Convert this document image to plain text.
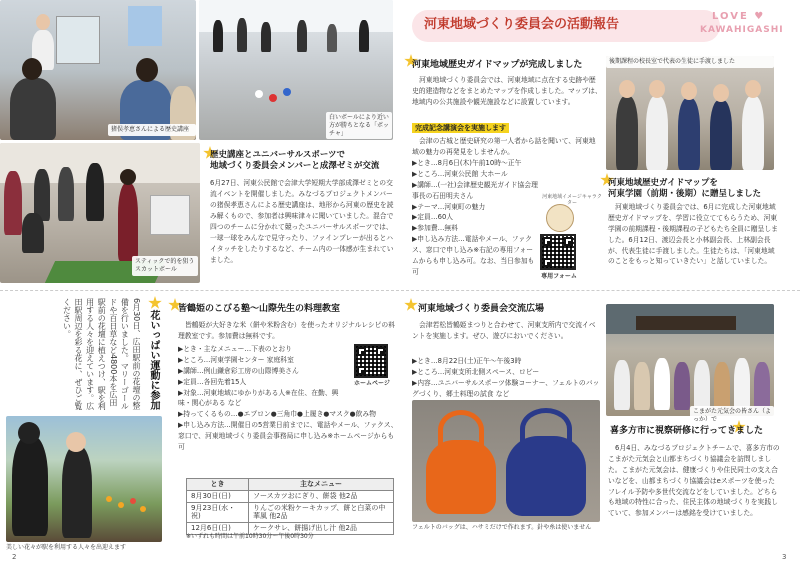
猪俣孝恵さんによる歴史講座
白いボールにより近い方が勝ちとなる「ボッチャ」
スティックで的を狙うスカットボール
歴史講座とユニバーサルスポーツで
地域づくり委員会メンバーと成澤ゼミが交流
6月27日、河東公民館で会津大学短期大学部成澤ゼミとの交流イベントを開催しました。みなづるプロジェクトメンバーの猪俣孝恵さんによる歴史講座は、地形から河東の歴史を読み解くもので、参加者は興味津々に聞いていました。混合で四つのチームに分かれて競ったユニバーサルスポーツでは、一球一球をみんなで見守ったり、ファインプレーが出るとハイタッチをしたりするなど、チーム内の一体感が生まれていました。
河東地域づくり委員会の活動報告
LOVE ♥
KAWAHIGASHI
河東地域歴史ガイドマップが完成しました
河東地域づくり委員会では、河東地域に点在する史跡や歴史的建造物などをまとめたマップを作成しました。マップは、地域内の公共施設や観光施設などに設置しています。
完成記念講演会を実施します
会津の古城と歴史研究の第一人者から話を聞いて、河東地域の魅力の再発見をしませんか。
▶とき…8月6日(木)午前10時〜正午
▶ところ…河東公民館 大ホール
▶講師…(一社)会津歴史観光ガイド協会理事長の石田明夫さん
▶テーマ…河東町の魅力
▶定員…60人
▶参加費…無料
▶申し込み方法…電話やメール、ファクス、窓口で申し込み※右記の専用フォームからも申し込み可。なお、当日参加も可
河東地域イメージキャラクター
専用フォーム
後期課程の校長室で代表の生徒に手渡しました
河東地域歴史ガイドマップを
河東学園（前期・後期）に贈呈しました
河東地域づくり委員会では、6月に完成した河東地域歴史ガイドマップを、学習に役立ててもらうため、河東学園の前期課程・後期課程の子どもたち全員に贈呈しました。6月12日、渡辺会長と小林副会長、上林副会長が、代表生徒に手渡しました。生徒たちは、「河東地域のことをもっと知っていきたい」と話していました。
花いっぱい運動に参加
6月30日、広田駅前の花壇の整備を行いました。マリーゴールドや百日草など4800本を広田駅前の花壇に植えつけ、駅を利用する人々を迎えています。広田駅周辺を彩る花に、ぜひご覧ください。
美しい花々が駅を利用する人々を出迎えます
皆鶴姫のこびる塾〜山際先生の料理教室
皆鶴姫が大好きな米（餅や米粉含む）を使ったオリジナルレシピの料理教室です。参加費は無料です。
▶とき・主なメニュー…下表のとおり
▶ところ…河東学園センター 家庭科室
▶講師…例山鎌倉彩工房の山際博美さん
▶定員…各回先着15人
▶対象…河東地域にゆかりがある人※在住、在勤、興味・関心がある など
▶持ってくるもの…●エプロン●三角巾●上履き●マスク●飲み物
▶申し込み方法…開催日の5営業日前までに、電話やメール、ファクス、窓口で、河東地域づくり委員会事務局に申し込み※ホームページからも可
ホームページ
とき	主なメニュー
8月30日(日)	ソースカツおにぎり、餅袋 他2品
9月23日(水・祝)	りんごの米粉ケーキカップ、餅と白菜の中華風 他2品
12月6日(日)	ケークサレ、餅揚げ出し汁 他2品
※いずれも時間は午前10時30分〜午後0時30分
河東地域づくり委員会交流広場
会津若松皆鶴姫まつりと合わせて、河東支所内で交流イベントを実施します。ぜひ、遊びにおいでください。
▶とき…8月22日(土)正午〜午後3時
▶ところ…河東支所北側スペース、ロビー
▶内容…ユニバーサルスポーツ体験コーナー、フェルトのバッグづくり、郷土料理の試食 など
フェルトのバッグは、ハサミだけで作れます。針や糸は使いません
こまがた元気会の皆さん（よっか）で
喜多方市に視察研修に行ってきました
6月4日、みなづるプロジェクトチームで、喜多方市のこまがた元気会と山都まちづくり協議会を訪問しました。こまがた元気会は、健康づくりや住民同士の支え合いなどを、山都まちづくり協議会はeスポーツを使ったフレイル予防や多世代交流などをしていました。どちらも地域の特性に合った、住民主体の地域づくりを実践していて、参加メンバーは感銘を受けていました。
2	3
